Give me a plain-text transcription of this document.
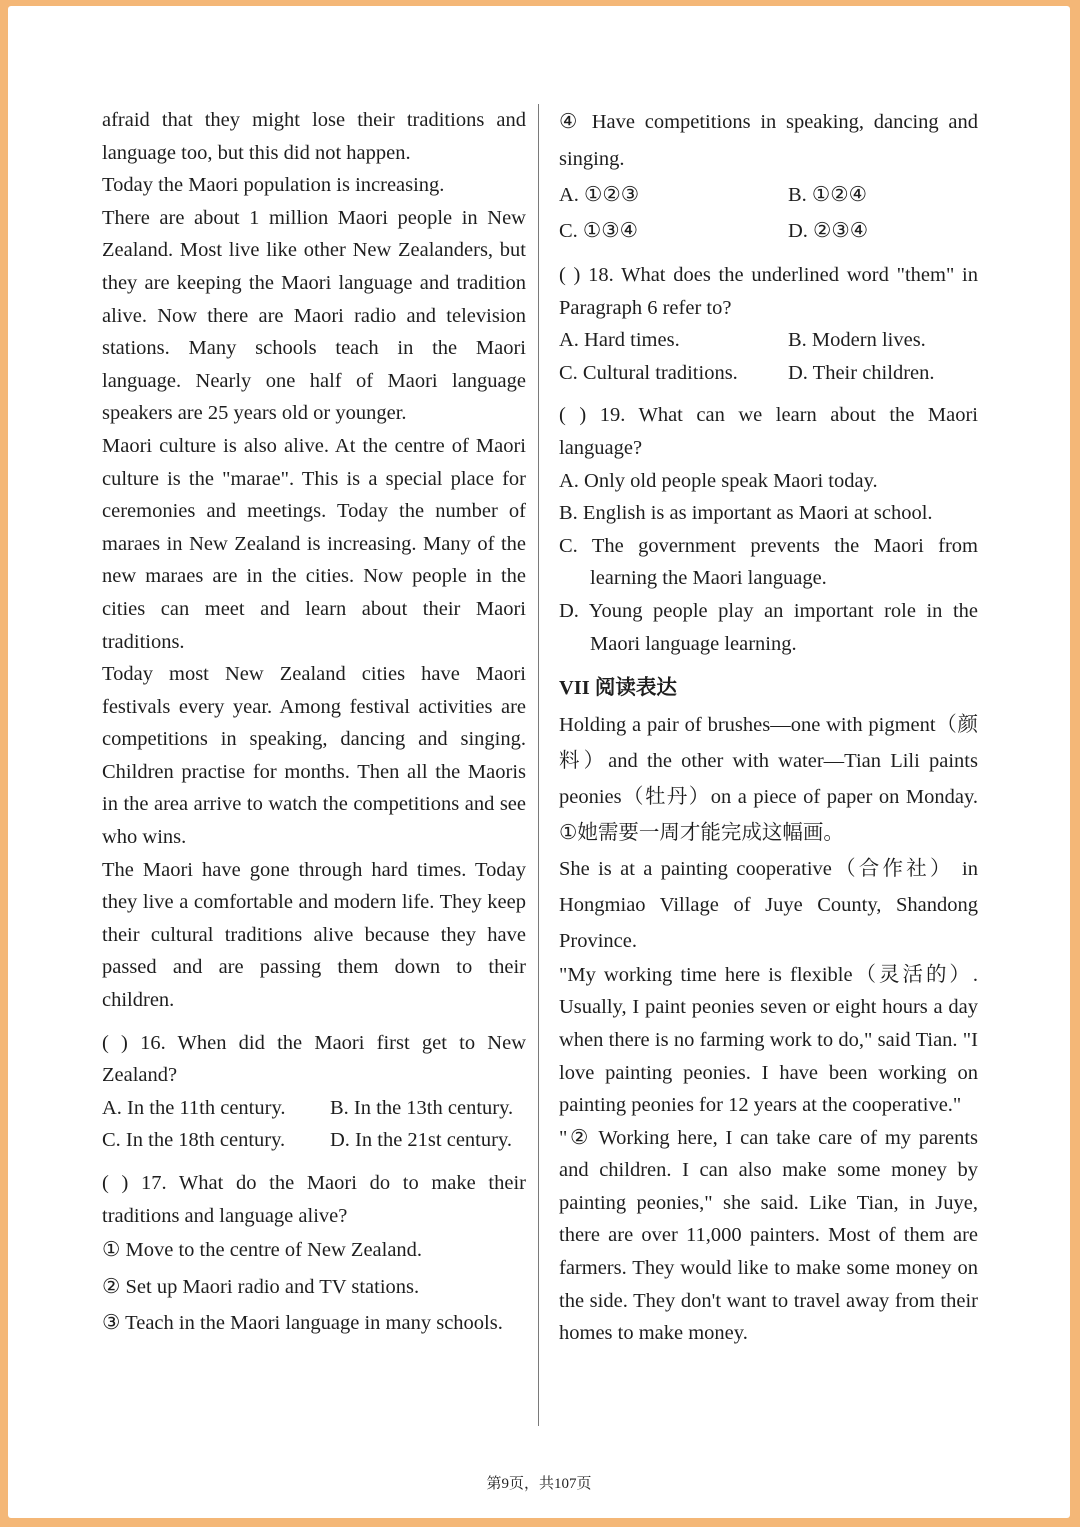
afraid that they might lose their traditions and language too, but this did not happen.

Today the Maori population is increasing.

There are about 1 million Maori people in New Zealand. Most live like other New Zealanders, but they are keeping the Maori language and tradition alive. Now there are Maori radio and television stations. Many schools teach in the Maori language. Nearly one half of Maori language speakers are 25 years old or younger.

Maori culture is also alive. At the centre of Maori culture is the "marae". This is a special place for ceremonies and meetings. Today the number of maraes in New Zealand is increasing. Many of the new maraes are in the cities. Now people in the cities can meet and learn about their Maori traditions.

Today most New Zealand cities have Maori festivals every year. Among festival activities are competitions in speaking, dancing and singing. Children practise for months. Then all the Maoris in the area arrive to watch the competitions and see who wins.

The Maori have gone through hard times. Today they live a comfortable and modern life. They keep their cultural traditions alive because they have passed and are passing them down to their children.

( ) 16. When did the Maori first get to New Zealand?

A. In the 11th century.	B. In the 13th century.
C. In the 18th century.	D. In the 21st century.

( ) 17. What do the Maori do to make their traditions and language alive?

① Move to the centre of New Zealand.

② Set up Maori radio and TV stations.

③ Teach in the Maori language in many schools.

④ Have competitions in speaking, dancing and singing.

A. ①②③	B. ①②④
C. ①③④	D. ②③④

( ) 18. What does the underlined word "them" in Paragraph 6 refer to?

A. Hard times.	B. Modern lives.
C. Cultural traditions.	D. Their children.

( ) 19. What can we learn about the Maori language?

A. Only old people speak Maori today.

B. English is as important as Maori at school.

C. The government prevents the Maori from learning the Maori language.

D. Young people play an important role in the Maori language learning.

VII 阅读表达

Holding a pair of brushes—one with pigment（颜料）and the other with water—Tian Lili paints peonies（牡丹）on a piece of paper on Monday. ①她需要一周才能完成这幅画。

She is at a painting cooperative（合作社） in Hongmiao Village of Juye County, Shandong Province.

"My working time here is flexible（灵活的）. Usually, I paint peonies seven or eight hours a day when there is no farming work to do," said Tian. "I love painting peonies. I have been working on painting peonies for 12 years at the cooperative."

"② Working here, I can take care of my parents and children. I can also make some money by painting peonies," she said. Like Tian, in Juye, there are over 11,000 painters. Most of them are farmers. They would like to make some money on the side. They don't want to travel away from their homes to make money.

第9页，共107页
